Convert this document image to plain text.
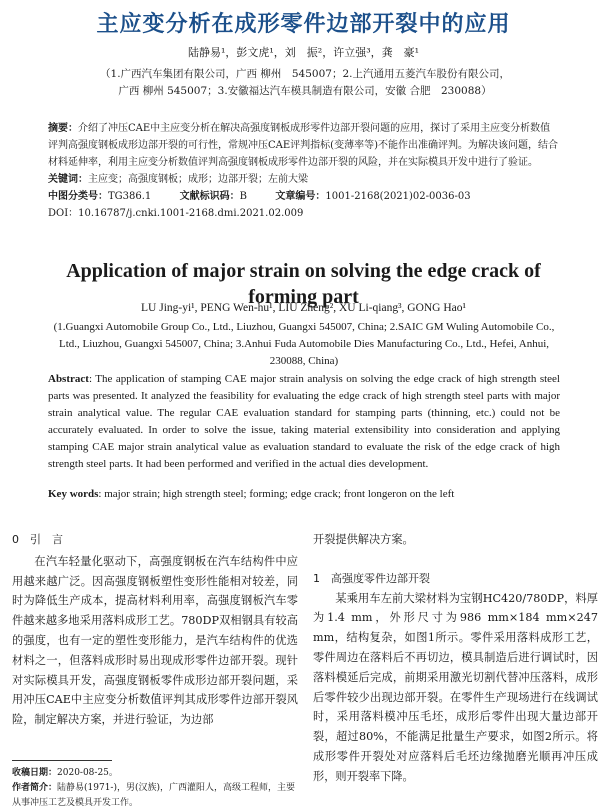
主应变分析在成形零件边部开裂中的应用
陆静易¹，彭文虎¹，刘　振²，许立强³，龚　豪¹
（1.广西汽车集团有限公司，广西 柳州　545007；2.上汽通用五菱汽车股份有限公司，
广西 柳州 545007；3.安徽福达汽车模具制造有限公司，安徽 合肥　230088）
摘要：介绍了冲压CAE中主应变分析在解决高强度钢板成形零件边部开裂问题的应用，探讨了采用主应变分析数值评判高强度钢板成形边部开裂的可行性，常规冲压CAE评判指标(变薄率等)不能作出准确评判。为解决该问题，结合材料延伸率，利用主应变分析数值评判高强度钢板成形零件边部开裂的风险，并在实际模具开发中进行了验证。
关键词：主应变；高强度钢板；成形；边部开裂；左前大梁
中图分类号：TG386.1	文献标识码：B	文章编号：1001-2168(2021)02-0036-03
DOI：10.16787/j.cnki.1001-2168.dmi.2021.02.009
Application of major strain on solving the edge crack of forming part
LU Jing-yi¹, PENG Wen-hu¹, LIU Zheng², XU Li-qiang³, GONG Hao¹
(1.Guangxi Automobile Group Co., Ltd., Liuzhou, Guangxi 545007, China; 2.SAIC GM Wuling Automobile Co., Ltd., Liuzhou, Guangxi 545007, China; 3.Anhui Fuda Automobile Dies Manufacturing Co., Ltd., Hefei, Anhui, 230088, China)
Abstract: The application of stamping CAE major strain analysis on solving the edge crack of high strength steel parts was presented. It analyzed the feasibility for evaluating the edge crack of high strength steel parts with major strain analytical value. The regular CAE evaluation standard for stamping parts (thinning, etc.) could not be accurately evaluated. In order to solve the issue, taking material extensibility into consideration and applying stamping CAE major strain analytical value as evaluation standard to evaluate the risk of the edge crack of high strength steel parts. It had been performed and verified in the actual dies development.
Key words: major strain; high strength steel; forming; edge crack; front longeron on the left
0　引　言

在汽车轻量化驱动下，高强度钢板在汽车结构件中应用越来越广泛。因高强度钢板塑性变形性能相对较差，同时为降低生产成本，提高材料利用率，高强度钢板汽车零件越来越多地采用落料成形工艺。780DP双相钢具有较高的强度，也有一定的塑性变形能力，是汽车结构件的优选材料之一，但落料成形时易出现成形零件边部开裂。现针对实际模具开发，高强度钢板零件成形边部开裂问题，采用冲压CAE中主应变分析数值评判其成形零件边部开裂风险，制定解决方案，并进行验证，为边部

收稿日期：2020-08-25。
作者简介：陆静易(1971-)，男(汉族)，广西灌阳人，高级工程师，主要从事冲压工艺及模具开发工作。
开裂提供解决方案。
1　高强度零件边部开裂

某乘用车左前大梁材料为宝钢HC420/780DP，料厚为1.4 mm，外形尺寸为986 mm×184 mm×247 mm，结构复杂，如图1所示。零件采用落料成形工艺，零件周边在落料后不再切边，模具制造后进行调试时，因落料模延后完成，前期采用激光切割代替冲压落料，成形后零件较少出现边部开裂。在零件生产现场进行在线调试时，采用落料模冲压毛坯，成形后零件出现大量边部开裂，超过80%，不能满足批量生产要求，如图2所示。将成形零件开裂处对应落料后毛坯边缘抛磨光顺再冲压成形，则开裂率下降。
